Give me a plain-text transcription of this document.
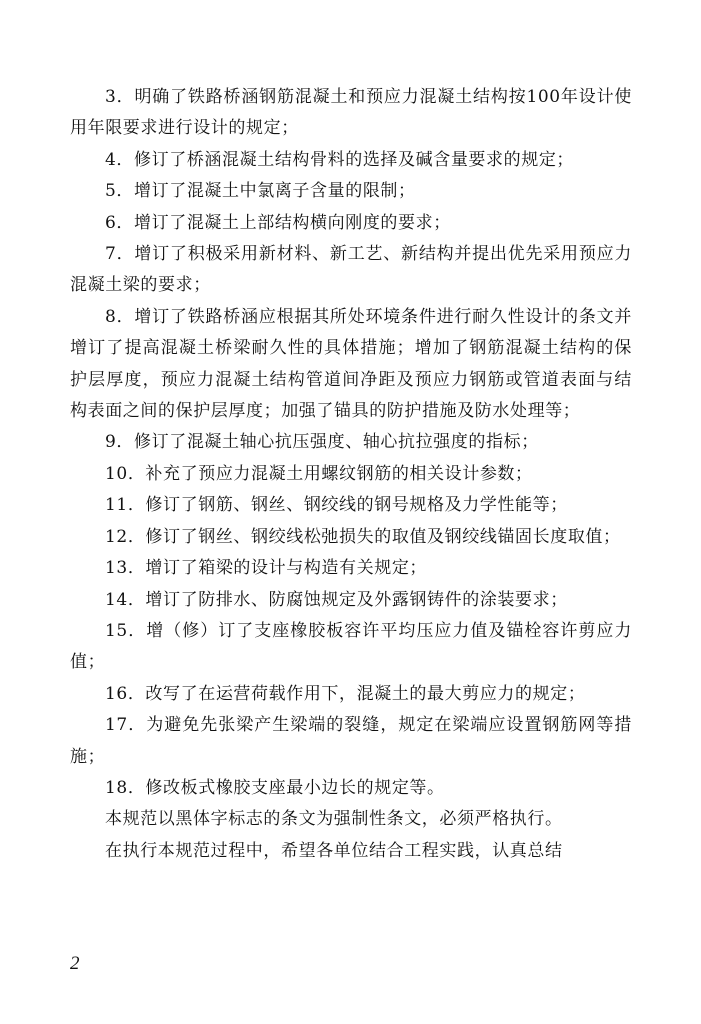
3．明确了铁路桥涵钢筋混凝土和预应力混凝土结构按100年设计使用年限要求进行设计的规定；

4．修订了桥涵混凝土结构骨料的选择及碱含量要求的规定；

5．增订了混凝土中氯离子含量的限制；

6．增订了混凝土上部结构横向刚度的要求；

7．增订了积极采用新材料、新工艺、新结构并提出优先采用预应力混凝土梁的要求；

8．增订了铁路桥涵应根据其所处环境条件进行耐久性设计的条文并增订了提高混凝土桥梁耐久性的具体措施；增加了钢筋混凝土结构的保护层厚度，预应力混凝土结构管道间净距及预应力钢筋或管道表面与结构表面之间的保护层厚度；加强了锚具的防护措施及防水处理等；

9．修订了混凝土轴心抗压强度、轴心抗拉强度的指标；

10．补充了预应力混凝土用螺纹钢筋的相关设计参数；

11．修订了钢筋、钢丝、钢绞线的钢号规格及力学性能等；

12．修订了钢丝、钢绞线松弛损失的取值及钢绞线锚固长度取值；

13．增订了箱梁的设计与构造有关规定；

14．增订了防排水、防腐蚀规定及外露钢铸件的涂装要求；

15．增（修）订了支座橡胶板容许平均压应力值及锚栓容许剪应力值；

16．改写了在运营荷载作用下，混凝土的最大剪应力的规定；

17．为避免先张梁产生梁端的裂缝，规定在梁端应设置钢筋网等措施；

18．修改板式橡胶支座最小边长的规定等。

本规范以黑体字标志的条文为强制性条文，必须严格执行。

在执行本规范过程中，希望各单位结合工程实践，认真总结

2
